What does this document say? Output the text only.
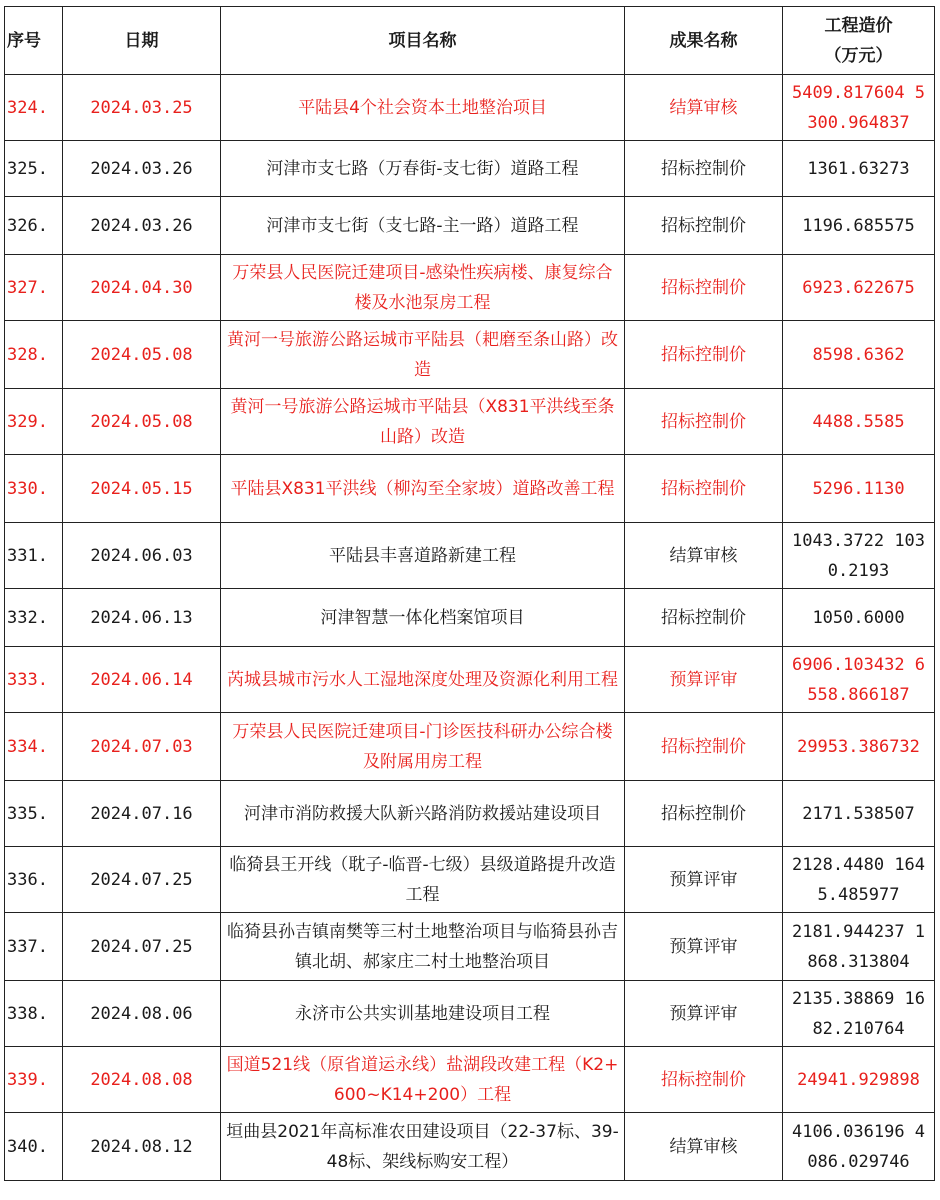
序号	日期	项目名称	成果名称	工程造价
（万元）
324.	2024.03.25	平陆县4个社会资本土地整治项目	结算审核	5409.817604 5300.964837
325.	2024.03.26	河津市支七路（万春街-支七街）道路工程	招标控制价	1361.63273
326.	2024.03.26	河津市支七街（支七路-主一路）道路工程	招标控制价	1196.685575
327.	2024.04.30	万荣县人民医院迁建项目-感染性疾病楼、康复综合楼及水池泵房工程	招标控制价	6923.622675
328.	2024.05.08	黄河一号旅游公路运城市平陆县（耙磨至条山路）改造	招标控制价	8598.6362
329.	2024.05.08	黄河一号旅游公路运城市平陆县（X831平洪线至条山路）改造	招标控制价	4488.5585
330.	2024.05.15	平陆县X831平洪线（柳沟至全家坡）道路改善工程	招标控制价	5296.1130
331.	2024.06.03	平陆县丰喜道路新建工程	结算审核	1043.3722 1030.2193
332.	2024.06.13	河津智慧一体化档案馆项目	招标控制价	1050.6000
333.	2024.06.14	芮城县城市污水人工湿地深度处理及资源化利用工程	预算评审	6906.103432 6558.866187
334.	2024.07.03	万荣县人民医院迁建项目-门诊医技科研办公综合楼及附属用房工程	招标控制价	29953.386732
335.	2024.07.16	河津市消防救援大队新兴路消防救援站建设项目	招标控制价	2171.538507
336.	2024.07.25	临猗县王开线（耽子-临晋-七级）县级道路提升改造工程	预算评审	2128.4480 1645.485977
337.	2024.07.25	临猗县孙吉镇南樊等三村土地整治项目与临猗县孙吉镇北胡、郝家庄二村土地整治项目	预算评审	2181.944237 1868.313804
338.	2024.08.06	永济市公共实训基地建设项目工程	预算评审	2135.38869 1682.210764
339.	2024.08.08	国道521线（原省道运永线）盐湖段改建工程（K2+600~K14+200）工程	招标控制价	24941.929898
340.	2024.08.12	垣曲县2021年高标准农田建设项目（22-37标、39-48标、架线标购安工程）	结算审核	4106.036196 4086.029746
